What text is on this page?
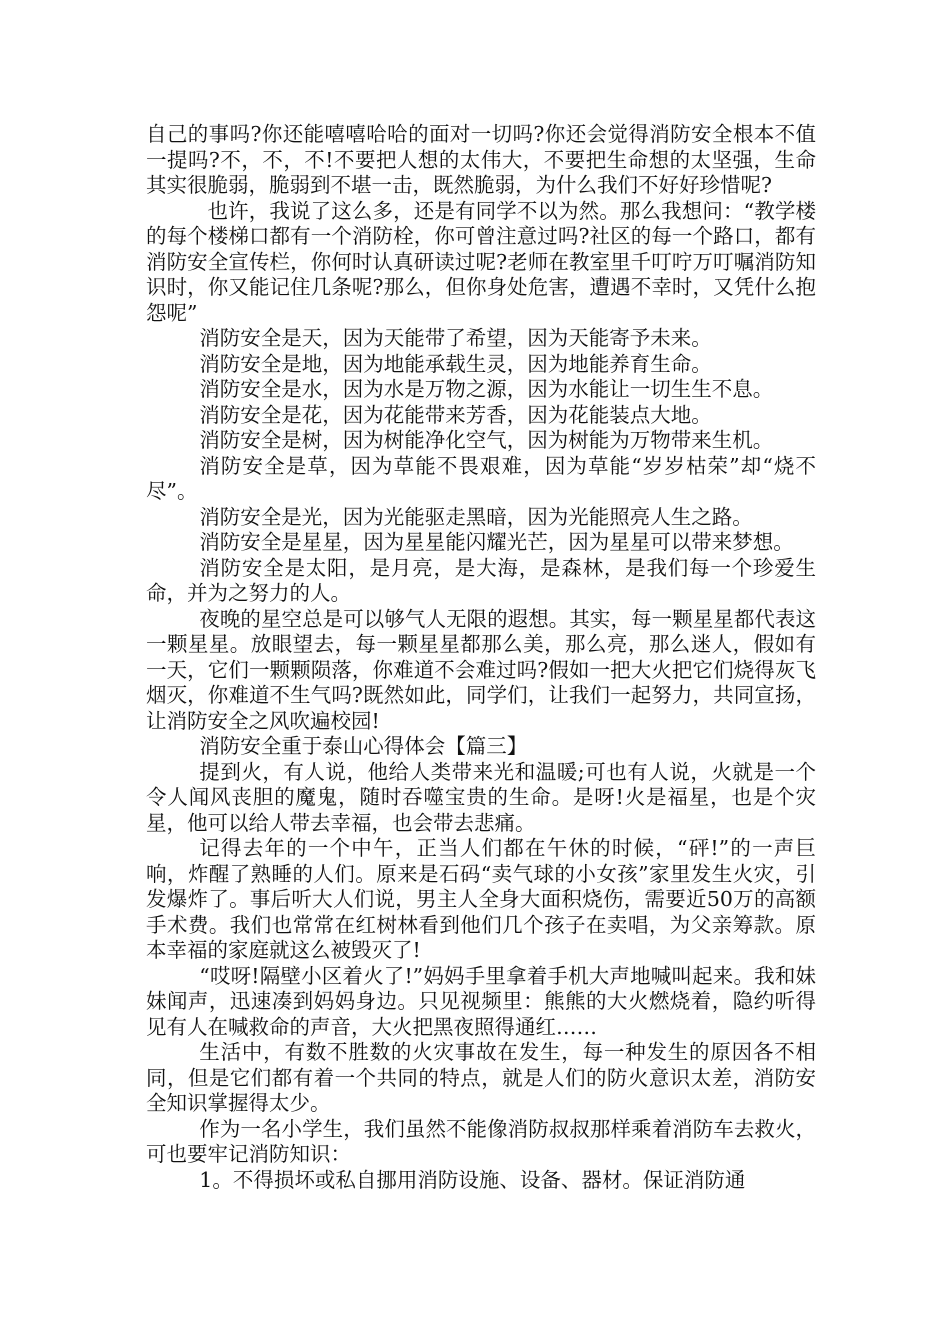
自己的事吗?你还能嘻嘻哈哈的面对一切吗?你还会觉得消防安全根本不值一提吗?不，不，不!不要把人想的太伟大，不要把生命想的太坚强，生命其实很脆弱，脆弱到不堪一击，既然脆弱，为什么我们不好好珍惜呢?

也许，我说了这么多，还是有同学不以为然。那么我想问：“教学楼的每个楼梯口都有一个消防栓，你可曾注意过吗?社区的每一个路口，都有消防安全宣传栏，你何时认真研读过呢?老师在教室里千叮咛万叮嘱消防知识时，你又能记住几条呢?那么，但你身处危害，遭遇不幸时，又凭什么抱怨呢”

消防安全是天，因为天能带了希望，因为天能寄予未来。

消防安全是地，因为地能承载生灵，因为地能养育生命。

消防安全是水，因为水是万物之源，因为水能让一切生生不息。

消防安全是花，因为花能带来芳香，因为花能装点大地。

消防安全是树，因为树能净化空气，因为树能为万物带来生机。

消防安全是草，因为草能不畏艰难，因为草能“岁岁枯荣”却“烧不尽”。

消防安全是光，因为光能驱走黑暗，因为光能照亮人生之路。

消防安全是星星，因为星星能闪耀光芒，因为星星可以带来梦想。

消防安全是太阳，是月亮，是大海，是森林，是我们每一个珍爱生命，并为之努力的人。

夜晚的星空总是可以够气人无限的遐想。其实，每一颗星星都代表这一颗星星。放眼望去，每一颗星星都那么美，那么亮，那么迷人，假如有一天，它们一颗颗陨落，你难道不会难过吗?假如一把大火把它们烧得灰飞烟灭，你难道不生气吗?既然如此，同学们，让我们一起努力，共同宣扬，让消防安全之风吹遍校园!

消防安全重于泰山心得体会【篇三】

提到火，有人说，他给人类带来光和温暖;可也有人说，火就是一个令人闻风丧胆的魔鬼，随时吞噬宝贵的生命。是呀!火是福星，也是个灾星，他可以给人带去幸福，也会带去悲痛。

记得去年的一个中午，正当人们都在午休的时候，“砰!”的一声巨响，炸醒了熟睡的人们。原来是石码“卖气球的小女孩”家里发生火灾，引发爆炸了。事后听大人们说，男主人全身大面积烧伤，需要近50万的高额手术费。我们也常常在红树林看到他们几个孩子在卖唱，为父亲筹款。原本幸福的家庭就这么被毁灭了!

“哎呀!隔壁小区着火了!”妈妈手里拿着手机大声地喊叫起来。我和妹妹闻声，迅速凑到妈妈身边。只见视频里：熊熊的大火燃烧着，隐约听得见有人在喊救命的声音，大火把黑夜照得通红……

生活中，有数不胜数的火灾事故在发生，每一种发生的原因各不相同，但是它们都有着一个共同的特点，就是人们的防火意识太差，消防安全知识掌握得太少。

作为一名小学生，我们虽然不能像消防叔叔那样乘着消防车去救火，可也要牢记消防知识：

1。不得损坏或私自挪用消防设施、设备、器材。保证消防通
